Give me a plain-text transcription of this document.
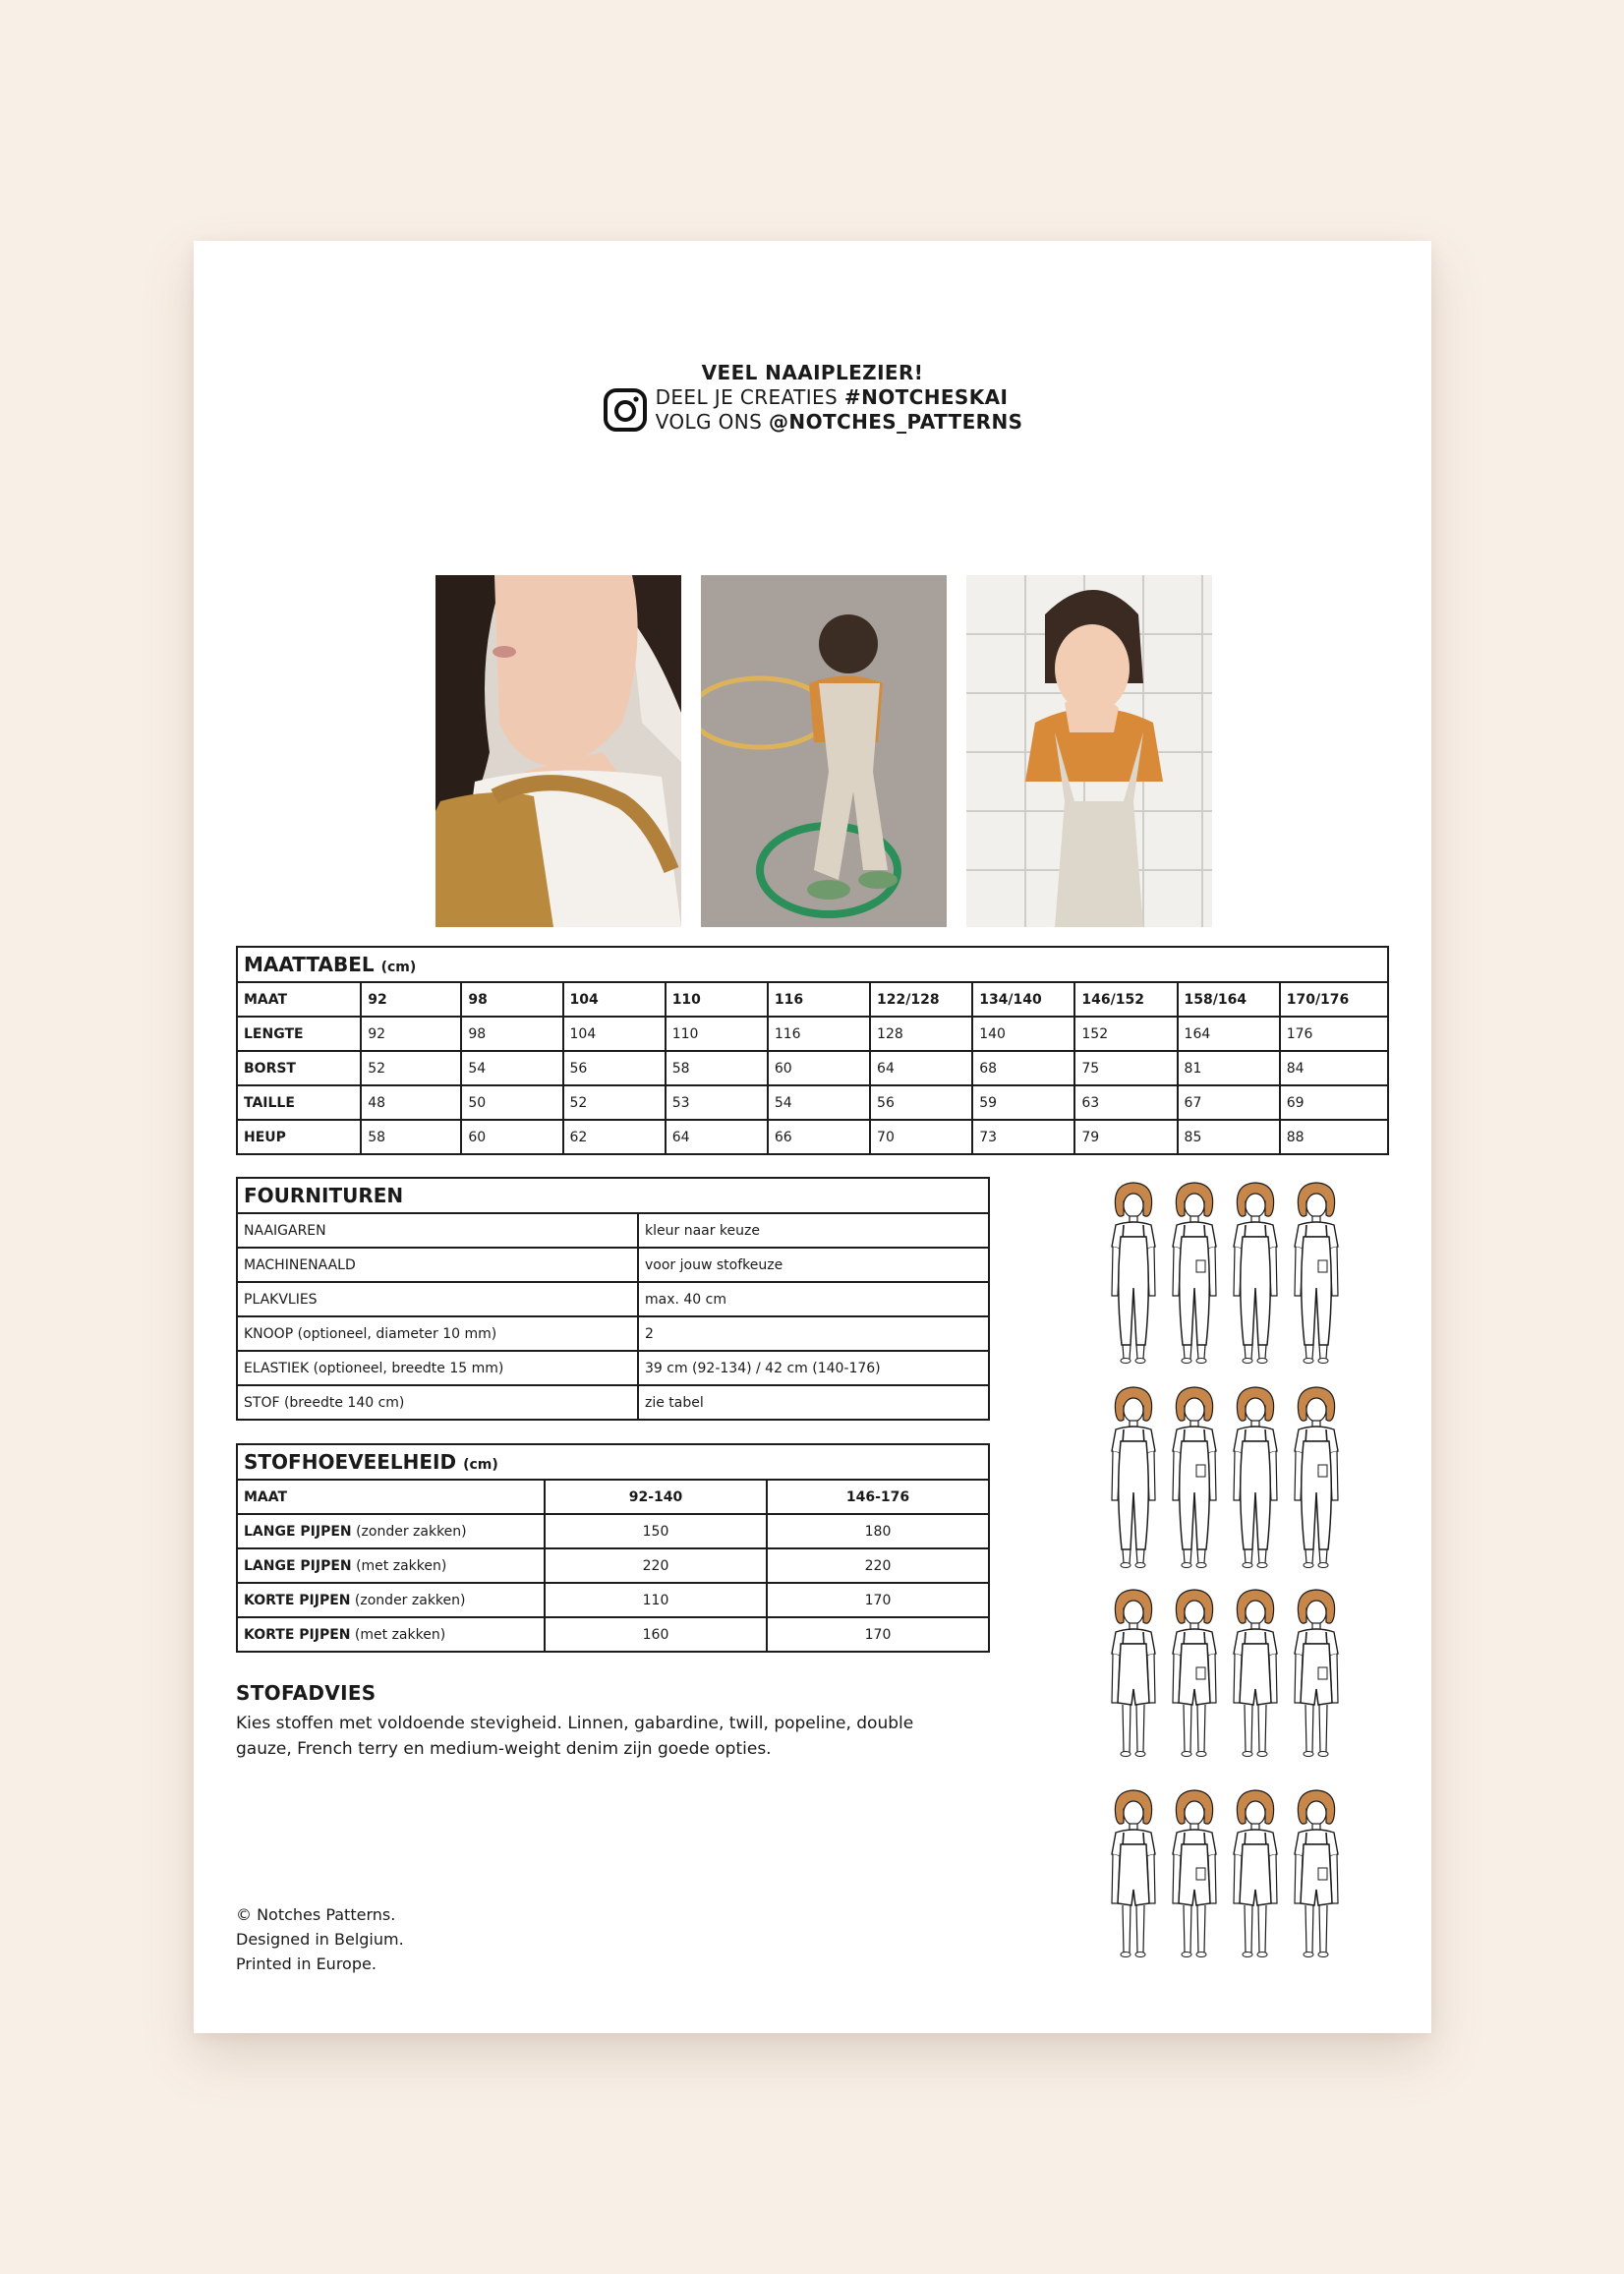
VEEL NAAIPLEZIER!
DEEL JE CREATIES #NOTCHESKAI
VOLG ONS @NOTCHES_PATTERNS
MAATTABEL (cm)										
MAAT	92	98	104	110	116	122/128	134/140	146/152	158/164	170/176
LENGTE	92	98	104	110	116	128	140	152	164	176
BORST	52	54	56	58	60	64	68	75	81	84
TAILLE	48	50	52	53	54	56	59	63	67	69
HEUP	58	60	62	64	66	70	73	79	85	88
FOURNITUREN	
NAAIGAREN	kleur naar keuze
MACHINENAALD	voor jouw stofkeuze
PLAKVLIES	max. 40 cm
KNOOP (optioneel, diameter 10 mm)	2
ELASTIEK (optioneel, breedte 15 mm)	39 cm (92-134) / 42 cm (140-176)
STOF (breedte 140 cm)	zie tabel
STOFHOEVEELHEID (cm)		
MAAT	92-140	146-176
LANGE PIJPEN (zonder zakken)	150	180
LANGE PIJPEN (met zakken)	220	220
KORTE PIJPEN (zonder zakken)	110	170
KORTE PIJPEN (met zakken)	160	170
STOFADVIES
Kies stoffen met voldoende stevigheid. Linnen, gabardine, twill, popeline, double
gauze, French terry en medium-weight denim zijn goede opties.
© Notches Patterns.
Designed in Belgium.
Printed in Europe.
